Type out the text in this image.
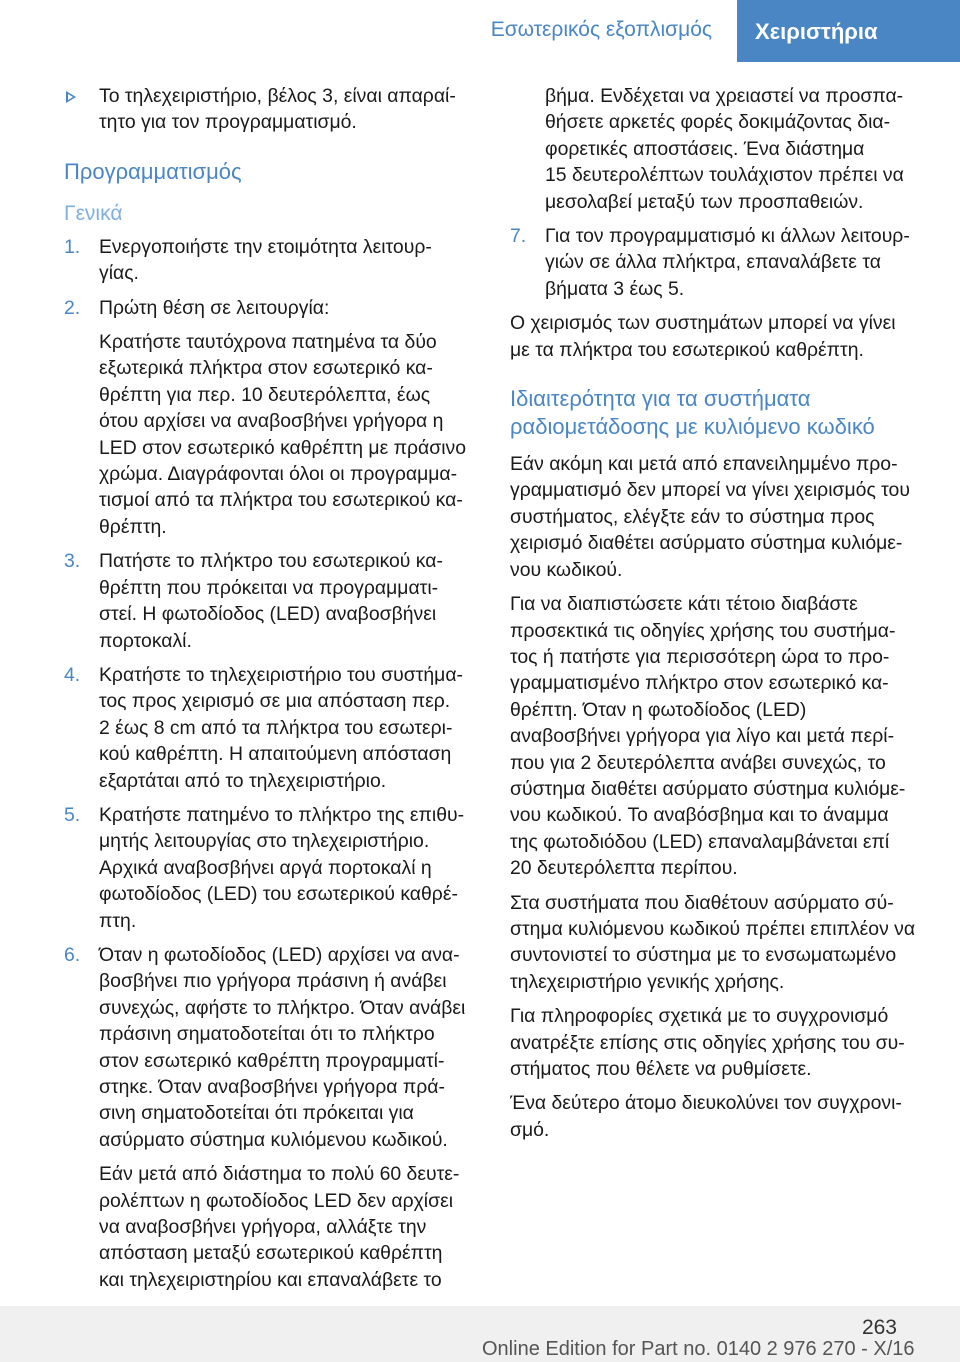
Εσωτερικός εξοπλισμός	Χειριστήρια
Το τηλεχειριστήριο, βέλος 3, είναι απαραί-
τητο για τον προγραμματισμό.
Προγραμματισμός
Γενικά
1. Ενεργοποιήστε την ετοιμότητα λειτουρ-
γίας.
2. Πρώτη θέση σε λειτουργία:
Κρατήστε ταυτόχρονα πατημένα τα δύο
εξωτερικά πλήκτρα στον εσωτερικό κα-
θρέπτη για περ. 10 δευτερόλεπτα, έως
ότου αρχίσει να αναβοσβήνει γρήγορα η
LED στον εσωτερικό καθρέπτη με πράσινο
χρώμα. Διαγράφονται όλοι οι προγραμμα-
τισμοί από τα πλήκτρα του εσωτερικού κα-
θρέπτη.
3. Πατήστε το πλήκτρο του εσωτερικού κα-
θρέπτη που πρόκειται να προγραμματι-
στεί. Η φωτοδίοδος (LED) αναβοσβήνει
πορτοκαλί.
4. Κρατήστε το τηλεχειριστήριο του συστήμα-
τος προς χειρισμό σε μια απόσταση περ.
2 έως 8 cm από τα πλήκτρα του εσωτερι-
κού καθρέπτη. Η απαιτούμενη απόσταση
εξαρτάται από το τηλεχειριστήριο.
5. Κρατήστε πατημένο το πλήκτρο της επιθυ-
μητής λειτουργίας στο τηλεχειριστήριο.
Αρχικά αναβοσβήνει αργά πορτοκαλί η
φωτοδίοδος (LED) του εσωτερικού καθρέ-
πτη.
6. Όταν η φωτοδίοδος (LED) αρχίσει να ανα-
βοσβήνει πιο γρήγορα πράσινη ή ανάβει
συνεχώς, αφήστε το πλήκτρο. Όταν ανάβει
πράσινη σηματοδοτείται ότι το πλήκτρο
στον εσωτερικό καθρέπτη προγραμματί-
στηκε. Όταν αναβοσβήνει γρήγορα πρά-
σινη σηματοδοτείται ότι πρόκειται για
ασύρματο σύστημα κυλιόμενου κωδικού.
Εάν μετά από διάστημα το πολύ 60 δευτε-
ρολέπτων η φωτοδίοδος LED δεν αρχίσει
να αναβοσβήνει γρήγορα, αλλάξτε την
απόσταση μεταξύ εσωτερικού καθρέπτη
και τηλεχειριστηρίου και επαναλάβετε το
βήμα. Ενδέχεται να χρειαστεί να προσπα-
θήσετε αρκετές φορές δοκιμάζοντας δια-
φορετικές αποστάσεις. Ένα διάστημα
15 δευτερολέπτων τουλάχιστον πρέπει να
μεσολαβεί μεταξύ των προσπαθειών.
7. Για τον προγραμματισμό κι άλλων λειτουρ-
γιών σε άλλα πλήκτρα, επαναλάβετε τα
βήματα 3 έως 5.
Ο χειρισμός των συστημάτων μπορεί να γίνει
με τα πλήκτρα του εσωτερικού καθρέπτη.
Ιδιαιτερότητα για τα συστήματα
ραδιομετάδοσης με κυλιόμενο κωδικό
Εάν ακόμη και μετά από επανειλημμένο προ-
γραμματισμό δεν μπορεί να γίνει χειρισμός του
συστήματος, ελέγξτε εάν το σύστημα προς
χειρισμό διαθέτει ασύρματο σύστημα κυλιόμε-
νου κωδικού.
Για να διαπιστώσετε κάτι τέτοιο διαβάστε
προσεκτικά τις οδηγίες χρήσης του συστήμα-
τος ή πατήστε για περισσότερη ώρα το προ-
γραμματισμένο πλήκτρο στον εσωτερικό κα-
θρέπτη. Όταν η φωτοδίοδος (LED)
αναβοσβήνει γρήγορα για λίγο και μετά περί-
που για 2 δευτερόλεπτα ανάβει συνεχώς, το
σύστημα διαθέτει ασύρματο σύστημα κυλιόμε-
νου κωδικού. Το αναβόσβημα και το άναμμα
της φωτοδιόδου (LED) επαναλαμβάνεται επί
20 δευτερόλεπτα περίπου.
Στα συστήματα που διαθέτουν ασύρματο σύ-
στημα κυλιόμενου κωδικού πρέπει επιπλέον να
συντονιστεί το σύστημα με το ενσωματωμένο
τηλεχειριστήριο γενικής χρήσης.
Για πληροφορίες σχετικά με το συγχρονισμό
ανατρέξτε επίσης στις οδηγίες χρήσης του συ-
στήματος που θέλετε να ρυθμίσετε.
Ένα δεύτερο άτομο διευκολύνει τον συγχρονι-
σμό.
263
Online Edition for Part no. 0140 2 976 270 - X/16
